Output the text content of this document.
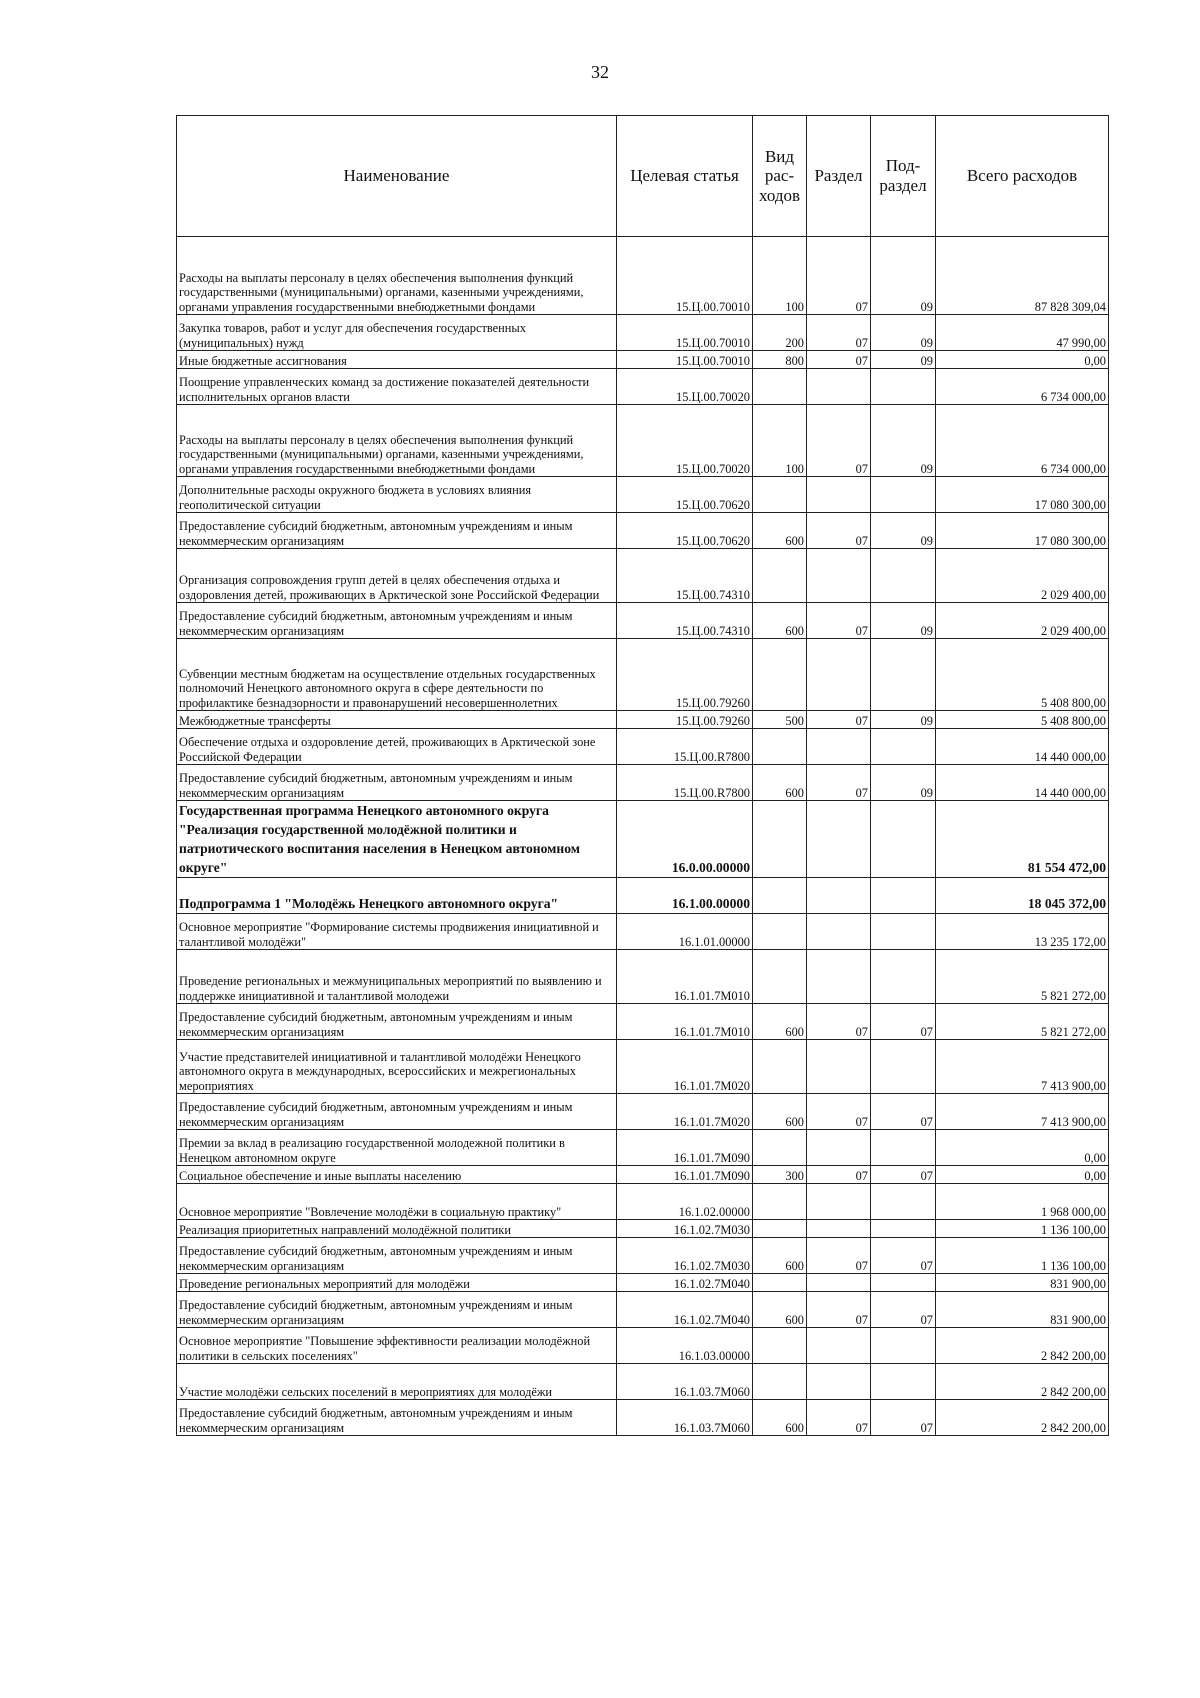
32
Наименование	Целевая статья	Вид рас-ходов	Раздел	Под-раздел	Всего расходов
Расходы на выплаты персоналу в целях обеспечения выполнения функций государственными (муниципальными) органами, казенными учреждениями, органами управления государственными внебюджетными фондами	15.Ц.00.70010	100	07	09	87 828 309,04
Закупка товаров, работ и услуг для обеспечения государственных (муниципальных) нужд	15.Ц.00.70010	200	07	09	47 990,00
Иные бюджетные ассигнования	15.Ц.00.70010	800	07	09	0,00
Поощрение управленческих команд за достижение показателей деятельности исполнительных органов власти	15.Ц.00.70020				6 734 000,00
Расходы на выплаты персоналу в целях обеспечения выполнения функций государственными (муниципальными) органами, казенными учреждениями, органами управления государственными внебюджетными фондами	15.Ц.00.70020	100	07	09	6 734 000,00
Дополнительные расходы окружного бюджета в условиях влияния геополитической ситуации	15.Ц.00.70620				17 080 300,00
Предоставление субсидий бюджетным, автономным учреждениям и иным некоммерческим организациям	15.Ц.00.70620	600	07	09	17 080 300,00
Организация сопровождения групп детей в целях обеспечения отдыха и оздоровления детей, проживающих в Арктической зоне Российской Федерации	15.Ц.00.74310				2 029 400,00
Предоставление субсидий бюджетным, автономным учреждениям и иным некоммерческим организациям	15.Ц.00.74310	600	07	09	2 029 400,00
Субвенции местным бюджетам на осуществление отдельных государственных полномочий Ненецкого автономного округа в сфере деятельности по профилактике безнадзорности и правонарушений несовершеннолетних	15.Ц.00.79260				5 408 800,00
Межбюджетные трансферты	15.Ц.00.79260	500	07	09	5 408 800,00
Обеспечение отдыха и оздоровление детей, проживающих в Арктической зоне Российской Федерации	15.Ц.00.R7800				14 440 000,00
Предоставление субсидий бюджетным, автономным учреждениям и иным некоммерческим организациям	15.Ц.00.R7800	600	07	09	14 440 000,00
Государственная программа Ненецкого автономного округа "Реализация государственной молодёжной политики и патриотического воспитания населения в Ненецком автономном округе"	16.0.00.00000				81 554 472,00
Подпрограмма 1 "Молодёжь Ненецкого автономного округа"	16.1.00.00000				18 045 372,00
Основное мероприятие "Формирование системы продвижения инициативной и талантливой молодёжи"	16.1.01.00000				13 235 172,00
Проведение региональных и межмуниципальных мероприятий по выявлению и поддержке инициативной и талантливой молодежи	16.1.01.7М010				5 821 272,00
Предоставление субсидий бюджетным, автономным учреждениям и иным некоммерческим организациям	16.1.01.7М010	600	07	07	5 821 272,00
Участие представителей инициативной и талантливой молодёжи Ненецкого автономного округа в международных, всероссийских и межрегиональных мероприятиях	16.1.01.7М020				7 413 900,00
Предоставление субсидий бюджетным, автономным учреждениям и иным некоммерческим организациям	16.1.01.7М020	600	07	07	7 413 900,00
Премии за вклад в реализацию государственной молодежной политики в Ненецком автономном округе	16.1.01.7М090				0,00
Социальное обеспечение и иные выплаты населению	16.1.01.7М090	300	07	07	0,00
Основное мероприятие "Вовлечение молодёжи в социальную практику"	16.1.02.00000				1 968 000,00
Реализация приоритетных направлений молодёжной политики	16.1.02.7М030				1 136 100,00
Предоставление субсидий бюджетным, автономным учреждениям и иным некоммерческим организациям	16.1.02.7М030	600	07	07	1 136 100,00
Проведение региональных мероприятий для молодёжи	16.1.02.7М040				831 900,00
Предоставление субсидий бюджетным, автономным учреждениям и иным некоммерческим организациям	16.1.02.7М040	600	07	07	831 900,00
Основное мероприятие "Повышение эффективности реализации молодёжной политики в сельских поселениях"	16.1.03.00000				2 842 200,00
Участие молодёжи сельских поселений в мероприятиях для молодёжи	16.1.03.7М060				2 842 200,00
Предоставление субсидий бюджетным, автономным учреждениям и иным некоммерческим организациям	16.1.03.7М060	600	07	07	2 842 200,00
